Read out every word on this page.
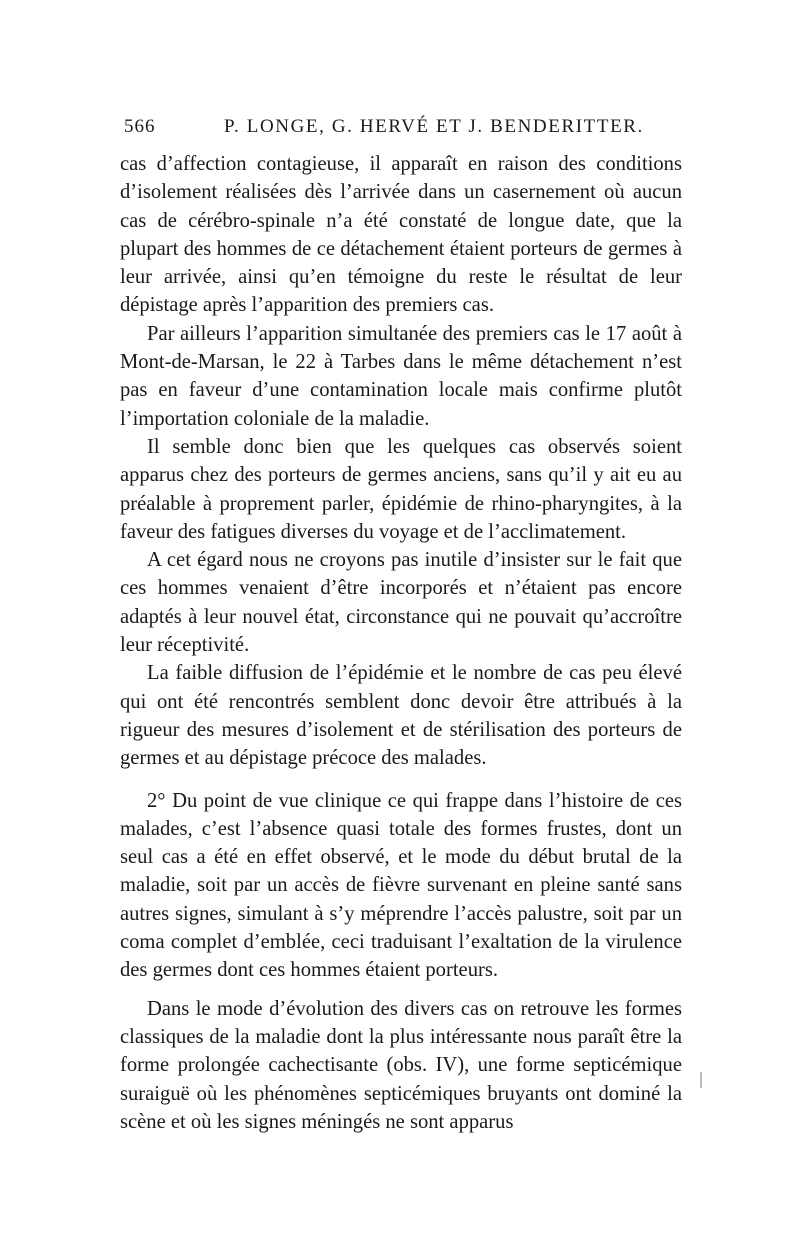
566	P. LONGE, G. HERVÉ ET J. BENDERITTER.

cas d’affection contagieuse, il apparaît en raison des conditions d’isolement réalisées dès l’arrivée dans un casernement où aucun cas de cérébro-spinale n’a été constaté de longue date, que la plupart des hommes de ce détachement étaient porteurs de germes à leur arrivée, ainsi qu’en témoigne du reste le résultat de leur dépistage après l’apparition des premiers cas.

Par ailleurs l’apparition simultanée des premiers cas le 17 août à Mont-de-Marsan, le 22 à Tarbes dans le même détachement n’est pas en faveur d’une contamination locale mais confirme plutôt l’importation coloniale de la maladie.

Il semble donc bien que les quelques cas observés soient apparus chez des porteurs de germes anciens, sans qu’il y ait eu au préalable à proprement parler, épidémie de rhino-pharyngites, à la faveur des fatigues diverses du voyage et de l’acclimatement.

A cet égard nous ne croyons pas inutile d’insister sur le fait que ces hommes venaient d’être incorporés et n’étaient pas encore adaptés à leur nouvel état, circonstance qui ne pouvait qu’accroître leur réceptivité.

La faible diffusion de l’épidémie et le nombre de cas peu élevé qui ont été rencontrés semblent donc devoir être attribués à la rigueur des mesures d’isolement et de stérilisation des porteurs de germes et au dépistage précoce des malades.

2° Du point de vue clinique ce qui frappe dans l’histoire de ces malades, c’est l’absence quasi totale des formes frustes, dont un seul cas a été en effet observé, et le mode du début brutal de la maladie, soit par un accès de fièvre survenant en pleine santé sans autres signes, simulant à s’y méprendre l’accès palustre, soit par un coma complet d’emblée, ceci traduisant l’exaltation de la virulence des germes dont ces hommes étaient porteurs.

Dans le mode d’évolution des divers cas on retrouve les formes classiques de la maladie dont la plus intéressante nous paraît être la forme prolongée cachectisante (obs. IV), une forme septicémique suraiguë où les phénomènes septicémiques bruyants ont dominé la scène et où les signes méningés ne sont apparus
